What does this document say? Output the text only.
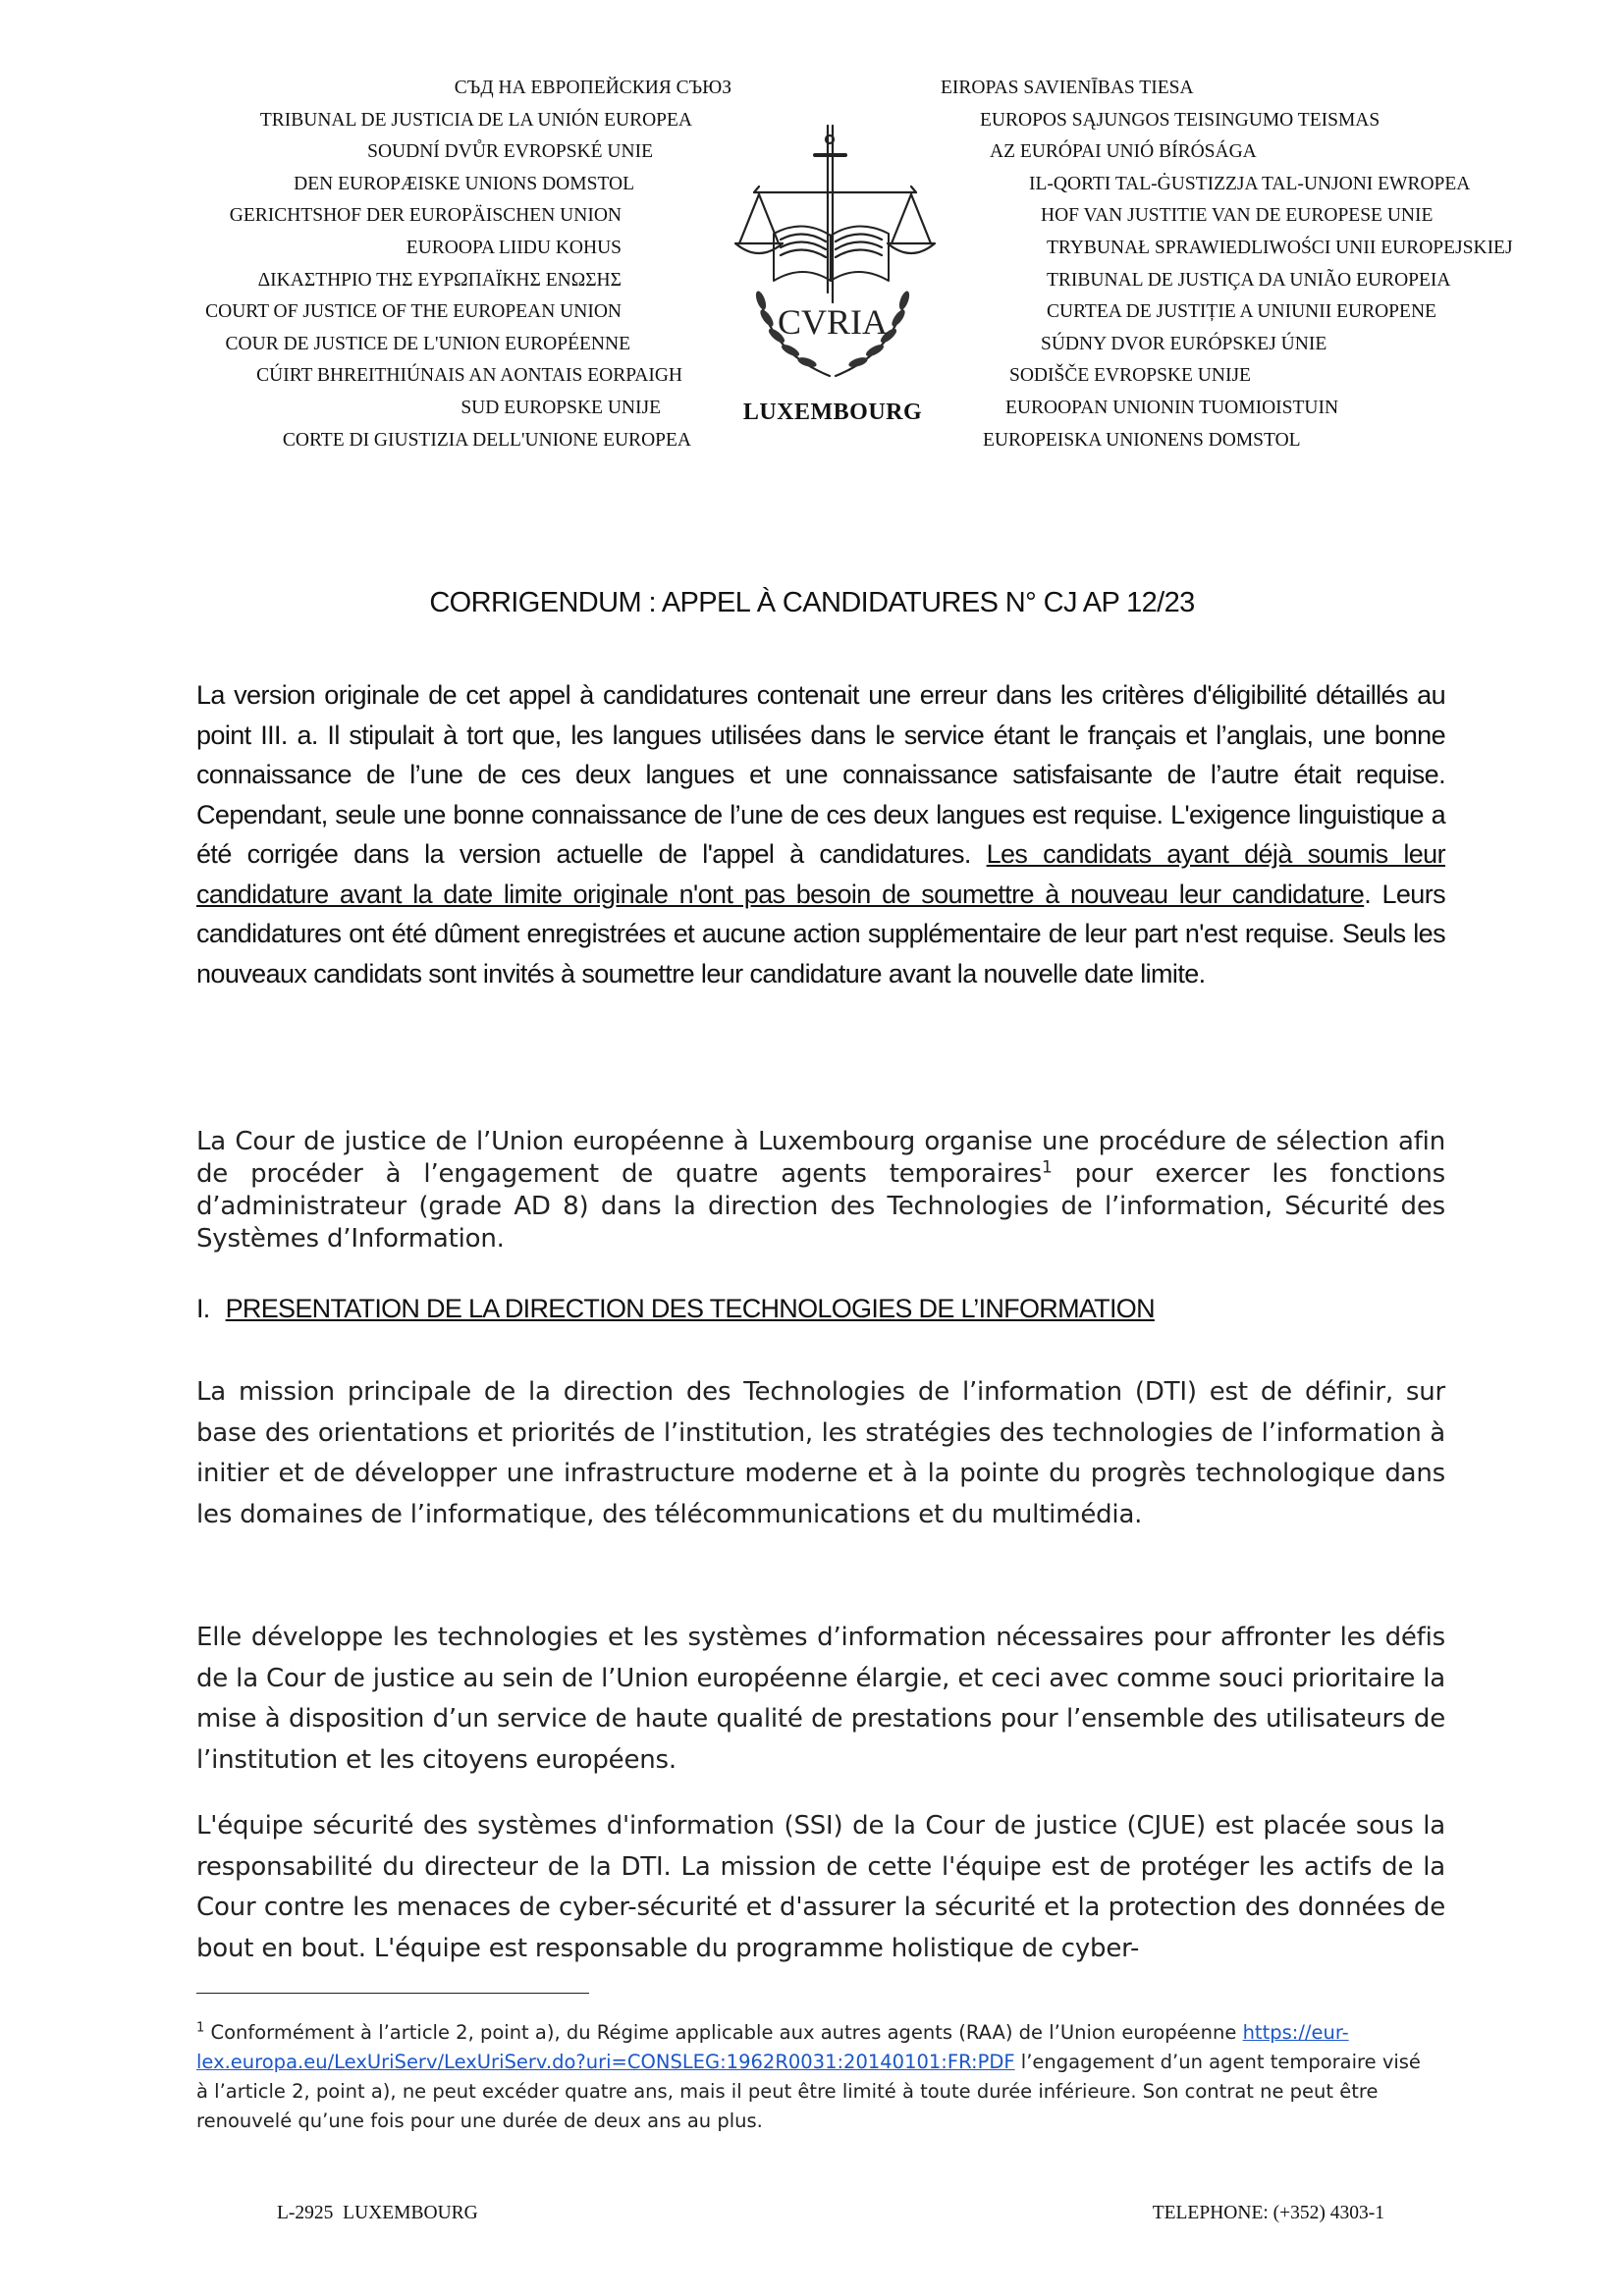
СЪД НА ЕВРОПЕЙСКИЯ СЪЮЗ
TRIBUNAL DE JUSTICIA DE LA UNIÓN EUROPEA
SOUDNÍ DVŮR EVROPSKÉ UNIE
DEN EUROPÆISKE UNIONS DOMSTOL
GERICHTSHOF DER EUROPÄISCHEN UNION
EUROOPA LIIDU KOHUS
ΔΙΚΑΣΤΗΡΙΟ ΤΗΣ ΕΥΡΩΠΑΪΚΗΣ ΕΝΩΣΗΣ
COURT OF JUSTICE OF THE EUROPEAN UNION
COUR DE JUSTICE DE L'UNION EUROPÉENNE
CÚIRT BHREITHIÚNAIS AN AONTAIS EORPAIGH
SUD EUROPSKE UNIJE
CORTE DI GIUSTIZIA DELL'UNIONE EUROPEA
CVRIA
LUXEMBOURG
EIROPAS SAVIENĪBAS TIESA
EUROPOS SĄJUNGOS TEISINGUMO TEISMAS
AZ EURÓPAI UNIÓ BÍRÓSÁGA
IL-QORTI TAL-ĠUSTIZZJA TAL-UNJONI EWROPEA
HOF VAN JUSTITIE VAN DE EUROPESE UNIE
TRYBUNAŁ SPRAWIEDLIWOŚCI UNII EUROPEJSKIEJ
TRIBUNAL DE JUSTIÇA DA UNIÃO EUROPEIA
CURTEA DE JUSTIȚIE A UNIUNII EUROPENE
SÚDNY DVOR EURÓPSKEJ ÚNIE
SODIŠČE EVROPSKE UNIJE
EUROOPAN UNIONIN TUOMIOISTUIN
EUROPEISKA UNIONENS DOMSTOL
CORRIGENDUM : APPEL À CANDIDATURES N° CJ AP 12/23
La version originale de cet appel à candidatures contenait une erreur dans les critères d'éligibilité détaillés au point III. a. Il stipulait à tort que, les langues utilisées dans le service étant le français et l’anglais, une bonne connaissance de l’une de ces deux langues et une connaissance satisfaisante de l’autre était requise. Cependant, seule une bonne connaissance de l’une de ces deux langues est requise. L'exigence linguistique a été corrigée dans la version actuelle de l'appel à candidatures. Les candidats ayant déjà soumis leur candidature avant la date limite originale n'ont pas besoin de soumettre à nouveau leur candidature. Leurs candidatures ont été dûment enregistrées et aucune action supplémentaire de leur part n'est requise. Seuls les nouveaux candidats sont invités à soumettre leur candidature avant la nouvelle date limite.
La Cour de justice de l’Union européenne à Luxembourg organise une procédure de sélection afin de procéder à l’engagement de quatre agents temporaires$^1$ pour exercer les fonctions d’administrateur (grade AD 8) dans la direction des Technologies de l’information, Sécurité des Systèmes d’Information.
I. PRESENTATION DE LA DIRECTION DES TECHNOLOGIES DE L’INFORMATION
La mission principale de la direction des Technologies de l’information (DTI) est de définir, sur base des orientations et priorités de l’institution, les stratégies des technologies de l’information à initier et de développer une infrastructure moderne et à la pointe du progrès technologique dans les domaines de l’informatique, des télécommunications et du multimédia.
Elle développe les technologies et les systèmes d’information nécessaires pour affronter les défis de la Cour de justice au sein de l’Union européenne élargie, et ceci avec comme souci prioritaire la mise à disposition d’un service de haute qualité de prestations pour l’ensemble des utilisateurs de l’institution et les citoyens européens.
L'équipe sécurité des systèmes d'information (SSI) de la Cour de justice (CJUE) est placée sous la responsabilité du directeur de la DTI. La mission de cette l'équipe est de protéger les actifs de la Cour contre les menaces de cyber-sécurité et d'assurer la sécurité et la protection des données de bout en bout. L'équipe est responsable du programme holistique de cyber-
$^1$ Conformément à l’article 2, point a), du Régime applicable aux autres agents (RAA) de l’Union européenne https://eur-lex.europa.eu/LexUriServ/LexUriServ.do?uri=CONSLEG:1962R0031:20140101:FR:PDF l’engagement d’un agent temporaire visé à l’article 2, point a), ne peut excéder quatre ans, mais il peut être limité à toute durée inférieure. Son contrat ne peut être renouvelé qu’une fois pour une durée de deux ans au plus.
L-2925  LUXEMBOURG	TELEPHONE: (+352) 4303-1
